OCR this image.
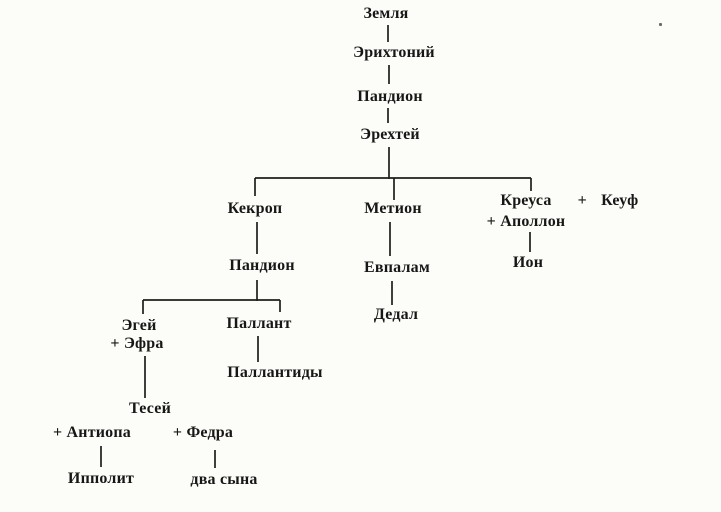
Земля
Эрихтоний
Пандион
Эрехтей
Кекроп	Метион	Креуса + Кеуф
+ Аполлон
Пандион	Евпалам	Ион
Дедал
Эгей
+ Эфра
Паллант
Паллантиды
Тесей
+ Антиопа	+ Федра
Ипполит	два сына
